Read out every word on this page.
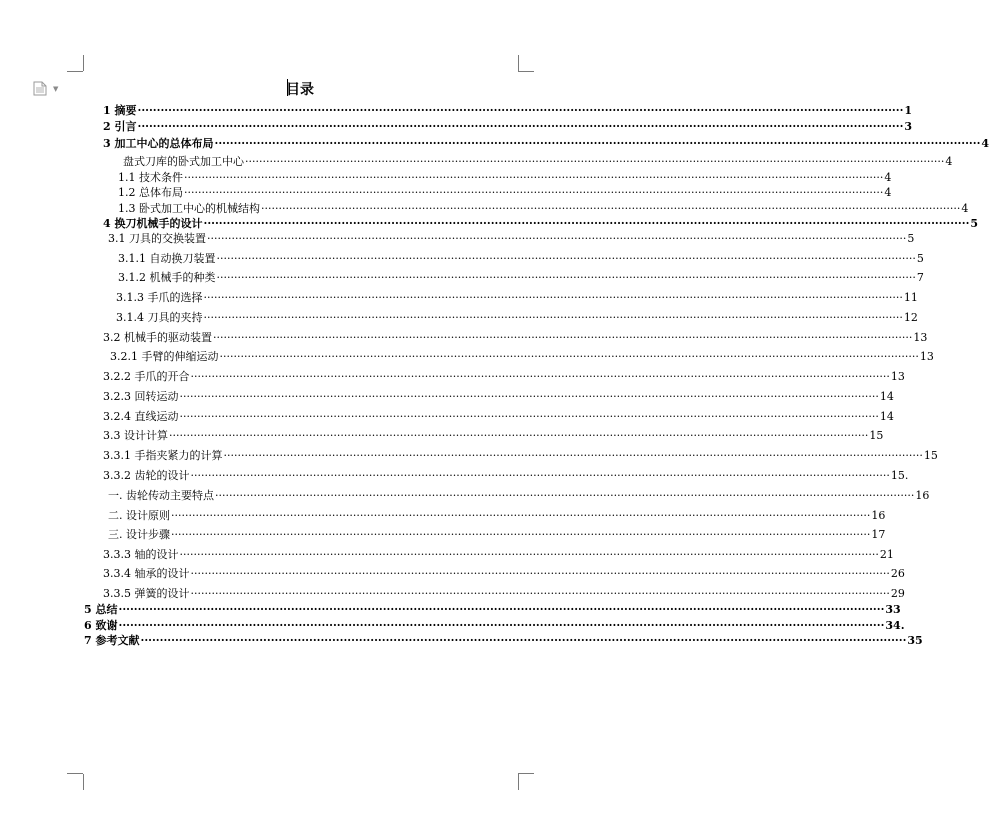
▼	目录
1 摘要 ········································································································································································································ 1
2 引言 ········································································································································································································ 3
3 加工中心的总体布局 ········································································································································································································ 4
盘式刀库的卧式加工中心 ········································································································································································································ 4
1.1 技术条件 ········································································································································································································ 4
1.2 总体布局 ········································································································································································································ 4
1.3 卧式加工中心的机械结构 ········································································································································································································ 4
4 换刀机械手的设计 ········································································································································································································ 5
3.1 刀具的交换装置 ········································································································································································································ 5
3.1.1 自动换刀装置 ········································································································································································································ 5
3.1.2 机械手的种类 ········································································································································································································ 7
3.1.3 手爪的选择 ········································································································································································································ 11
3.1.4 刀具的夹持 ········································································································································································································ 12
3.2 机械手的驱动装置 ········································································································································································································ 13
3.2.1 手臂的伸缩运动 ········································································································································································································ 13
3.2.2 手爪的开合 ········································································································································································································ 13
3.2.3 回转运动 ········································································································································································································ 14
3.2.4 直线运动 ········································································································································································································ 14
3.3 设计计算 ········································································································································································································ 15
3.3.1 手指夹紧力的计算 ········································································································································································································ 15
3.3.2 齿轮的设计 ········································································································································································································ 15.
一. 齿轮传动主要特点 ········································································································································································································ 16
二. 设计原则 ········································································································································································································ 16
三. 设计步骤 ········································································································································································································ 17
3.3.3 轴的设计 ········································································································································································································ 21
3.3.4 轴承的设计 ········································································································································································································ 26
3.3.5 弹簧的设计 ········································································································································································································ 29
5 总结 ········································································································································································································ 33
6 致谢 ········································································································································································································ 34.
7 参考文献 ········································································································································································································ 35
